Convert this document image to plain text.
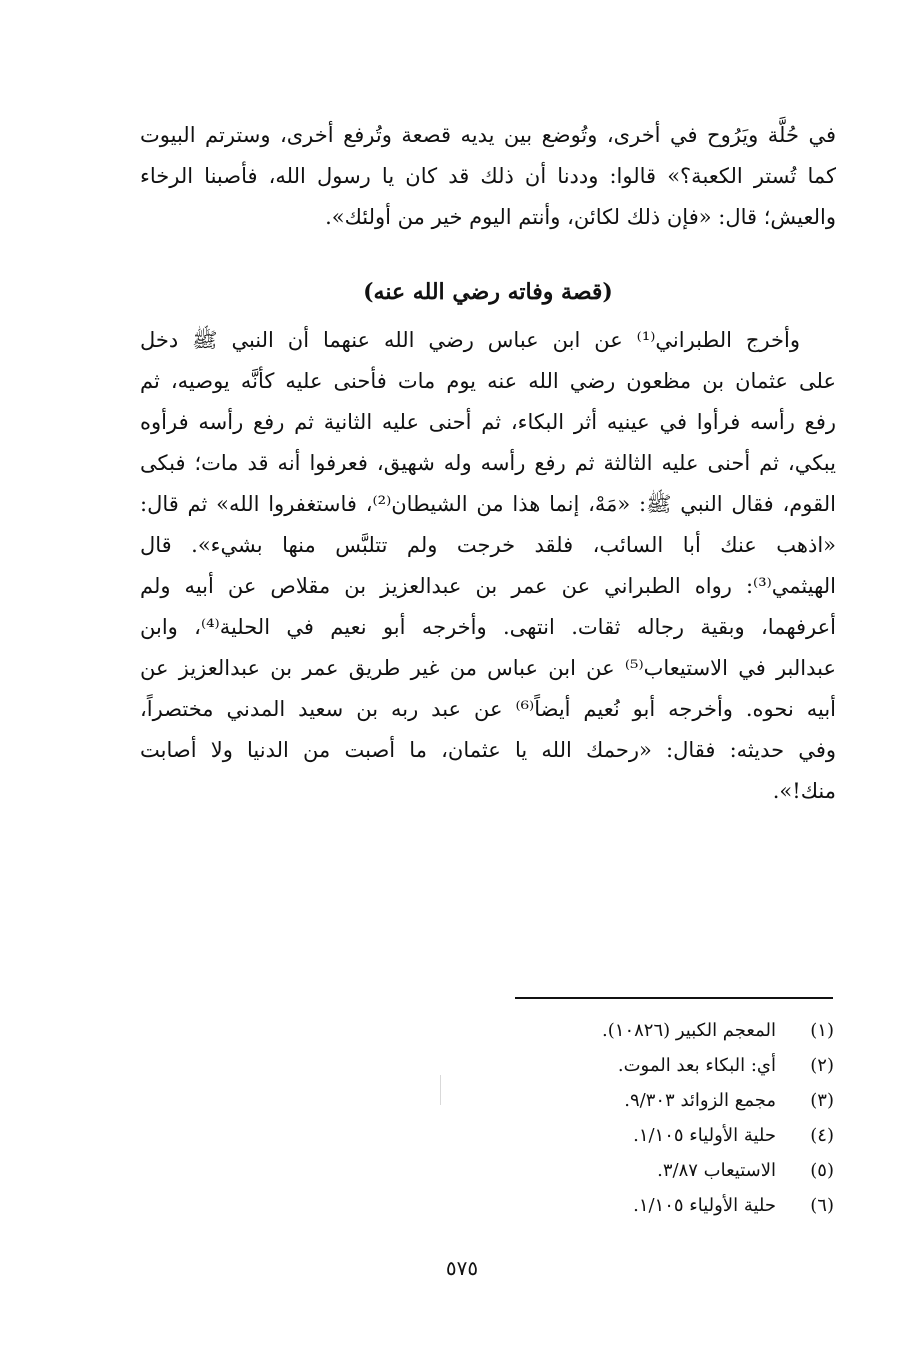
في حُلَّة ويَرُوح في أخرى، وتُوضع بين يديه قصعة وتُرفع أخرى، وسترتم البيوت
كما تُستر الكعبة؟» قالوا: وددنا أن ذلك قد كان يا رسول الله، فأصبنا الرخاء
والعيش؛ قال: «فإن ذلك لكائن، وأنتم اليوم خير من أولئك».
(قصة وفاته رضي الله عنه)
وأخرج الطبراني⁽¹⁾ عن ابن عباس رضي الله عنهما أن النبي ﷺ دخل
على عثمان بن مظعون رضي الله عنه يوم مات فأحنى عليه كأنَّه يوصيه، ثم
رفع رأسه فرأوا في عينيه أثر البكاء، ثم أحنى عليه الثانية ثم رفع رأسه فرأوه
يبكي، ثم أحنى عليه الثالثة ثم رفع رأسه وله شهيق، فعرفوا أنه قد مات؛ فبكى
القوم، فقال النبي ﷺ: «مَهْ، إنما هذا من الشيطان⁽²⁾، فاستغفروا الله» ثم قال:
«اذهب عنك أبا السائب، فلقد خرجت ولم تتلبَّس منها بشيء». قال
الهيثمي⁽³⁾: رواه الطبراني عن عمر بن عبدالعزيز بن مقلاص عن أبيه ولم
أعرفهما، وبقية رجاله ثقات. انتهى. وأخرجه أبو نعيم في الحلية⁽⁴⁾، وابن
عبدالبر في الاستيعاب⁽⁵⁾ عن ابن عباس من غير طريق عمر بن عبدالعزيز عن
أبيه نحوه. وأخرجه أبو نُعيم أيضاً⁽⁶⁾ عن عبد ربه بن سعيد المدني مختصراً،
وفي حديثه: فقال: «رحمك الله يا عثمان، ما أصبت من الدنيا ولا أصابت
منك!».
(١)
المعجم الكبير (١٠٨٢٦).
(٢)
أي: البكاء بعد الموت.
(٣)
مجمع الزوائد ٩/٣٠٣.
(٤)
حلية الأولياء ١/١٠٥.
(٥)
الاستيعاب ٣/٨٧.
(٦)
حلية الأولياء ١/١٠٥.
٥٧٥
